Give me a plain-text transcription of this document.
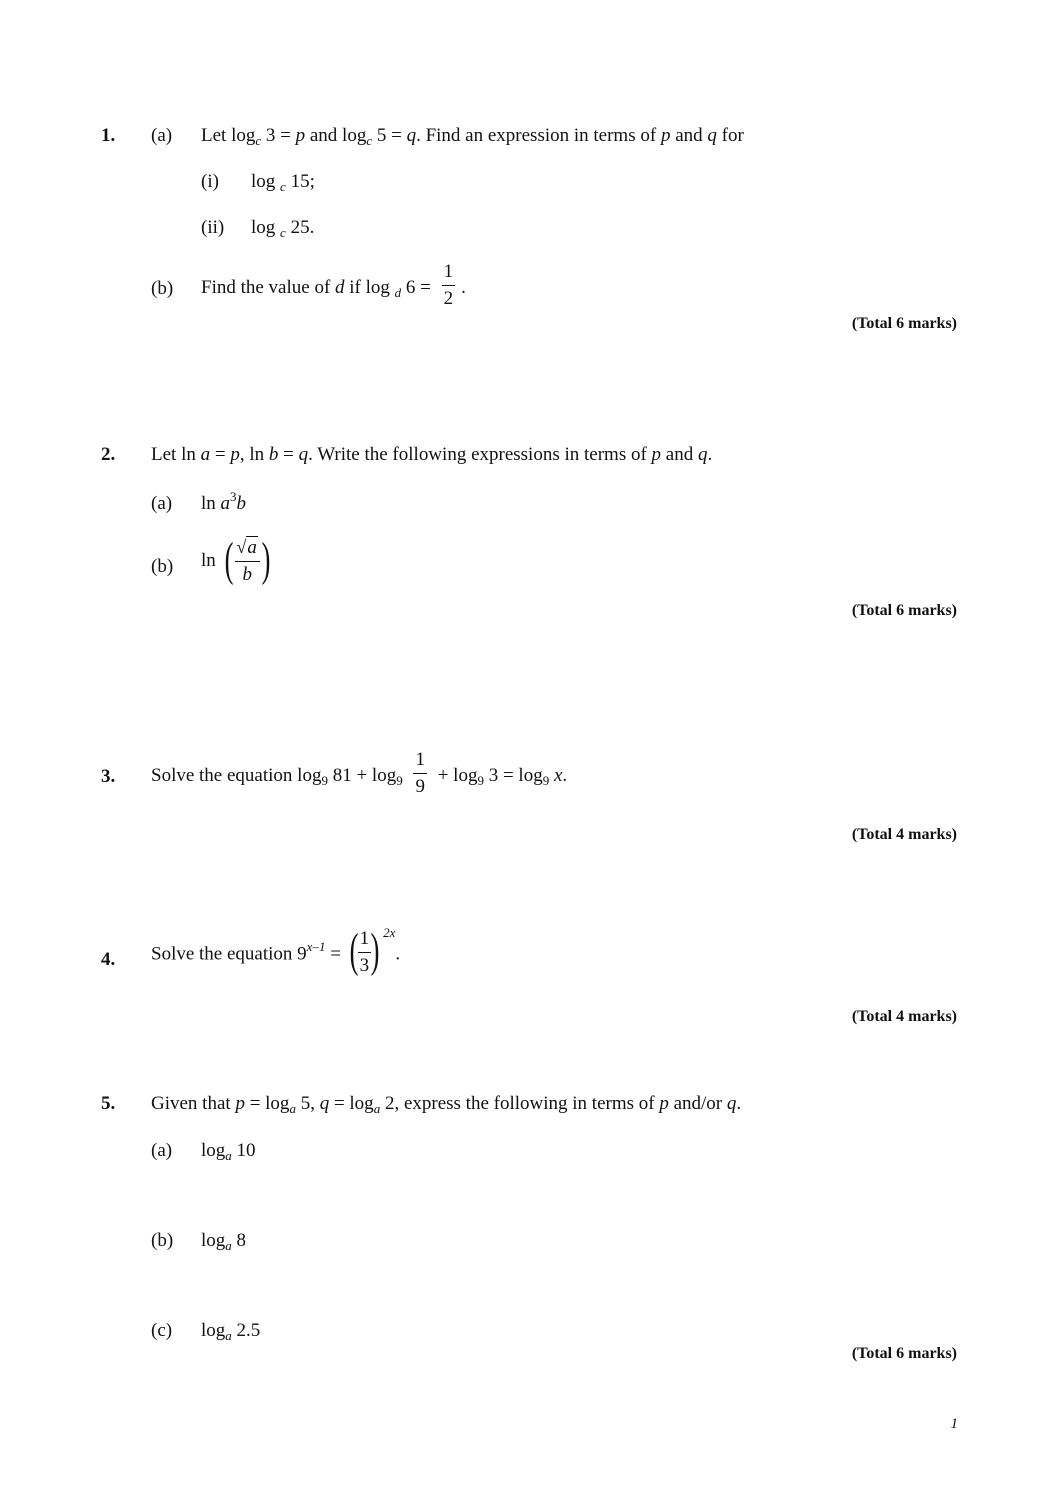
1. (a) Let $\log_c 3 = p$ and $\log_c 5 = q$. Find an expression in terms of p and q for
(i) log $_c$ 15;
(ii) log $_c$ 25.
(b) Find the value of d if log $_d$ $6 = \frac{1}{2}$ .
(Total 6 marks)
2. Let ln a = p, ln b = q. Write the following expressions in terms of p and q.
(a) $\ln a^3b$
(b) ln ( $\frac{√a}{b}$ )
(Total 6 marks)
3. Solve the equation $\log_9 81 + \log_9 \frac{1}{9} + \log_9 3 = \log_9 x$.
(Total 4 marks)
4. Solve the equation $9^{x-1}$ = ( $\frac{1}{3}$ ) $^{2x}$.
(Total 4 marks)
5. Given that $p = \log_a 5$, $q = \log_a 2$, express the following in terms of p and/or q.
(a) $\log_a 10$
(b) $\log_a 8$
(c) $\log_a 2.5$
(Total 6 marks)
1
